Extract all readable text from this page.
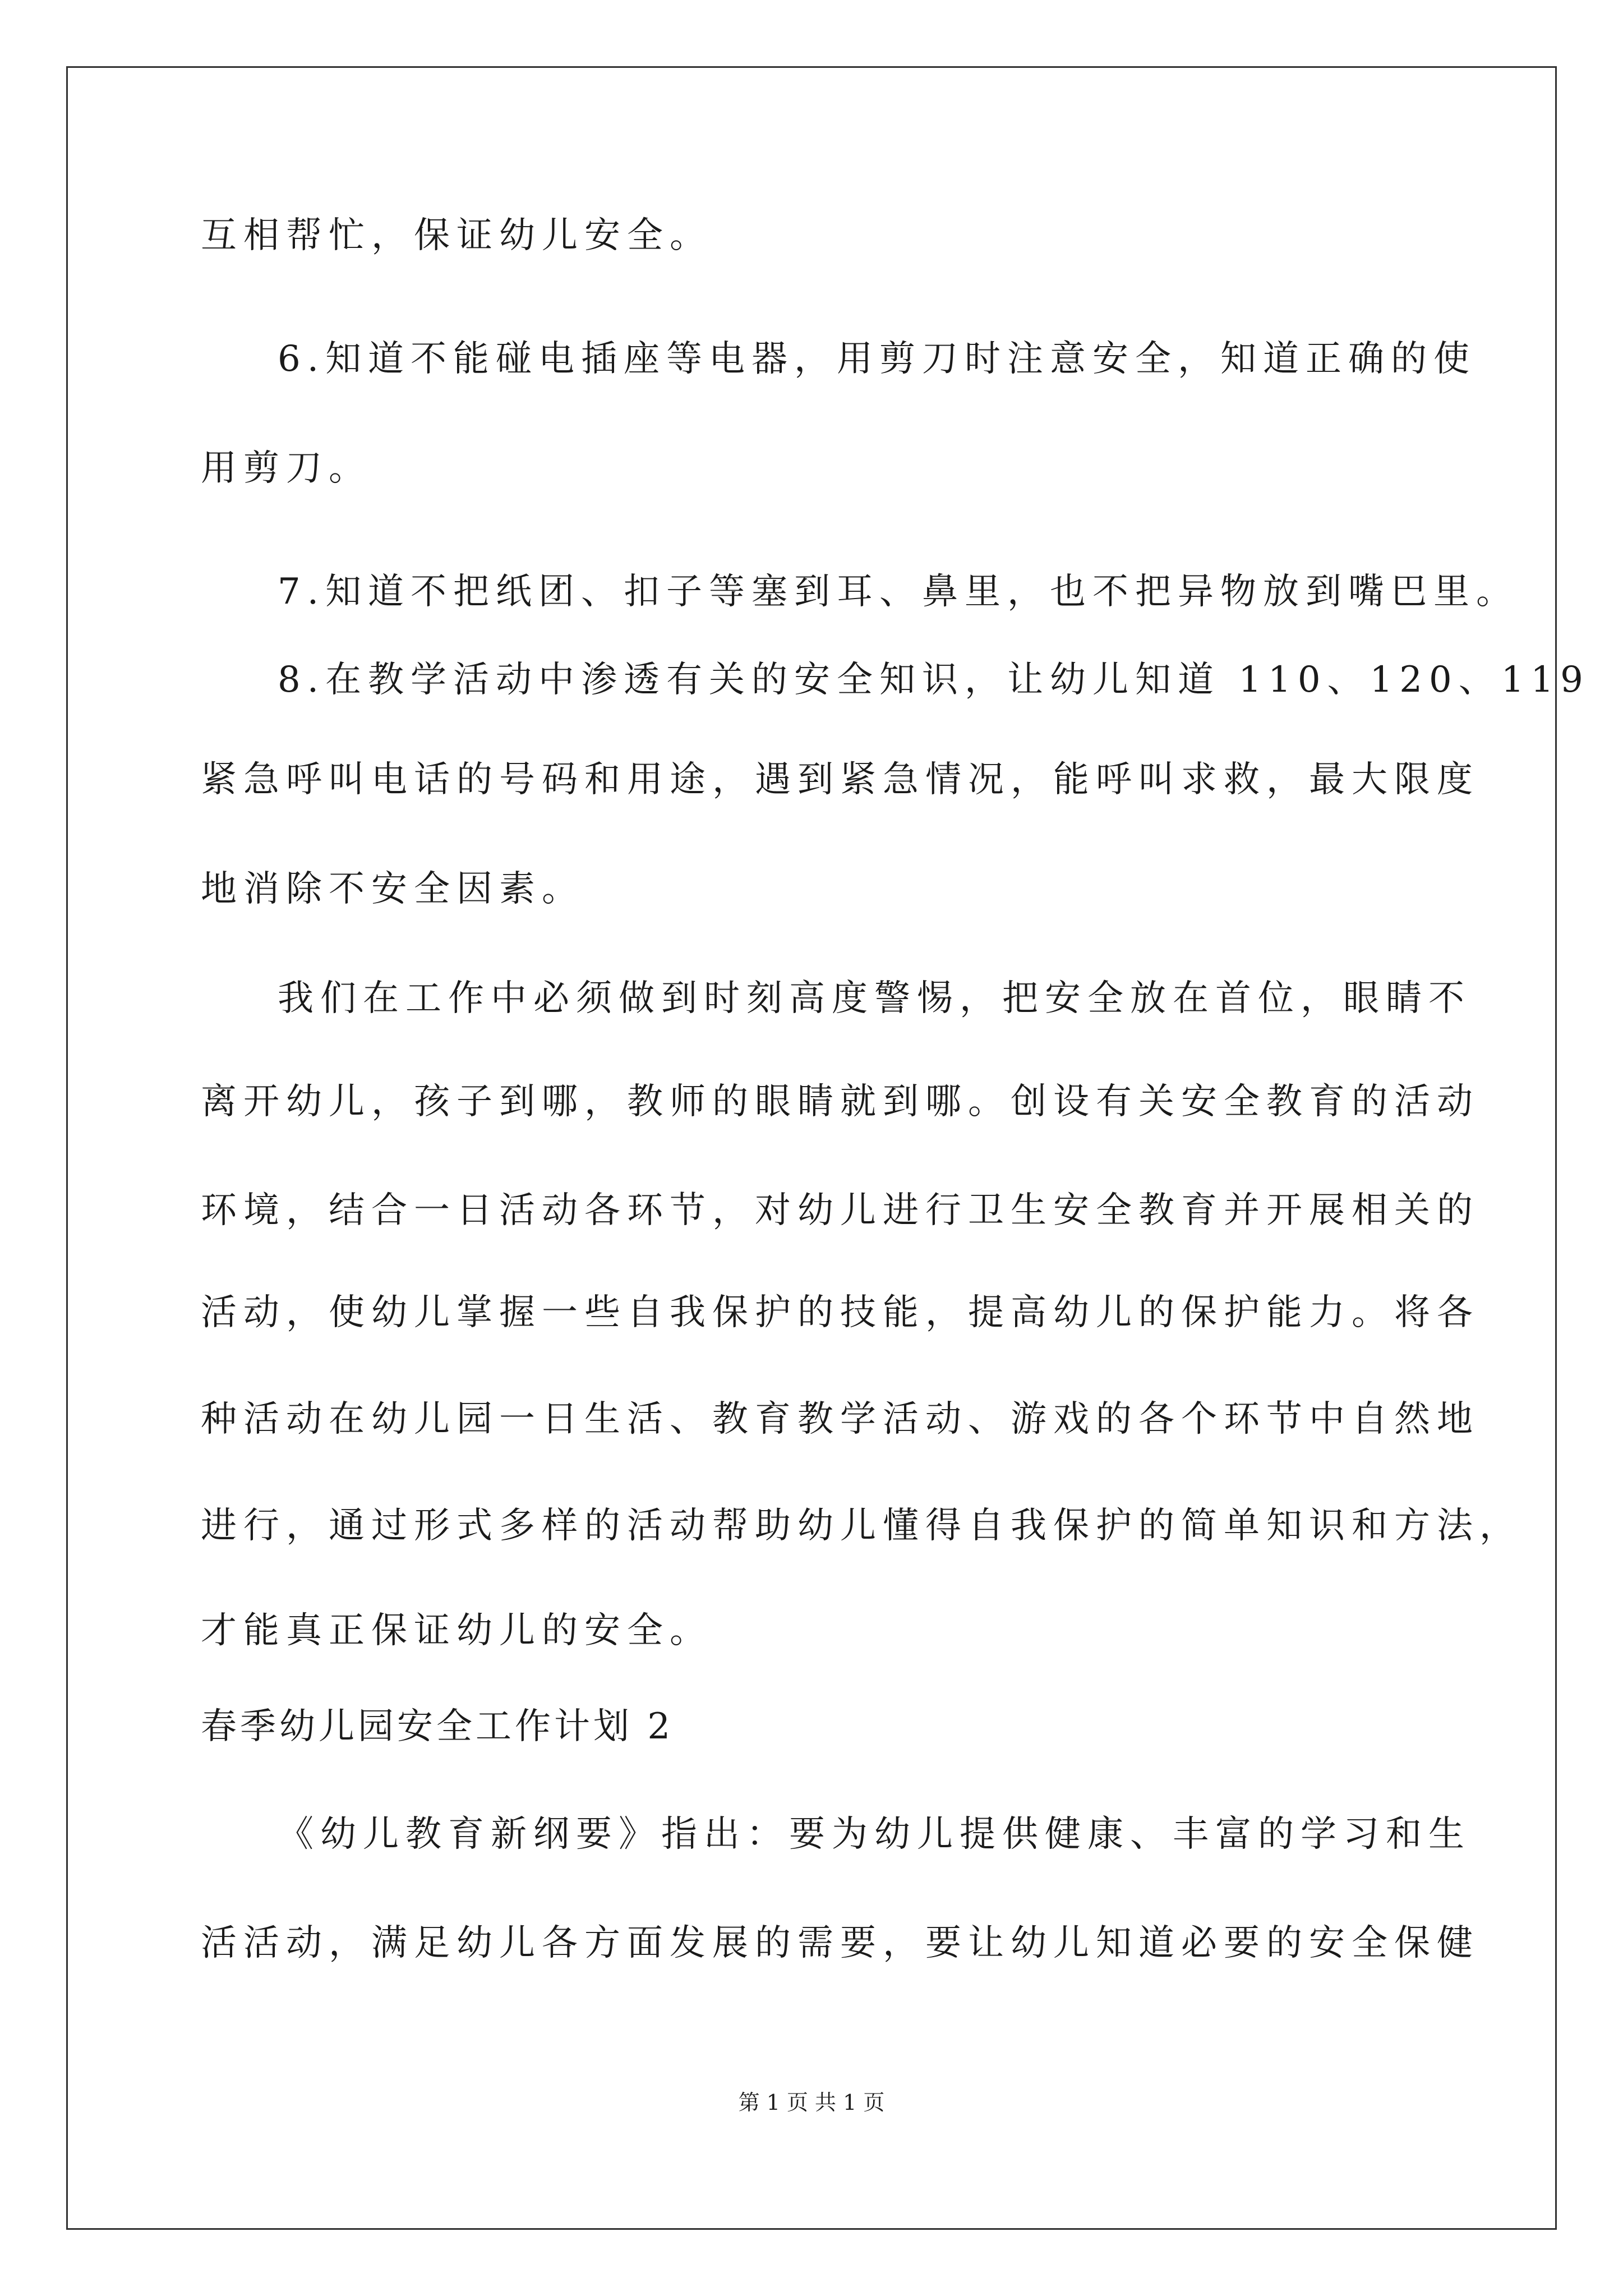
互相帮忙，保证幼儿安全。
6.知道不能碰电插座等电器，用剪刀时注意安全，知道正确的使
用剪刀。
7.知道不把纸团、扣子等塞到耳、鼻里，也不把异物放到嘴巴里。
8.在教学活动中渗透有关的安全知识，让幼儿知道 110、120、119
紧急呼叫电话的号码和用途，遇到紧急情况，能呼叫求救，最大限度
地消除不安全因素。
我们在工作中必须做到时刻高度警惕，把安全放在首位，眼睛不
离开幼儿，孩子到哪，教师的眼睛就到哪。创设有关安全教育的活动
环境，结合一日活动各环节，对幼儿进行卫生安全教育并开展相关的
活动，使幼儿掌握一些自我保护的技能，提高幼儿的保护能力。将各
种活动在幼儿园一日生活、教育教学活动、游戏的各个环节中自然地
进行，通过形式多样的活动帮助幼儿懂得自我保护的简单知识和方法，
才能真正保证幼儿的安全。
春季幼儿园安全工作计划 2
《幼儿教育新纲要》指出：要为幼儿提供健康、丰富的学习和生
活活动，满足幼儿各方面发展的需要，要让幼儿知道必要的安全保健
第 1 页 共 1 页
